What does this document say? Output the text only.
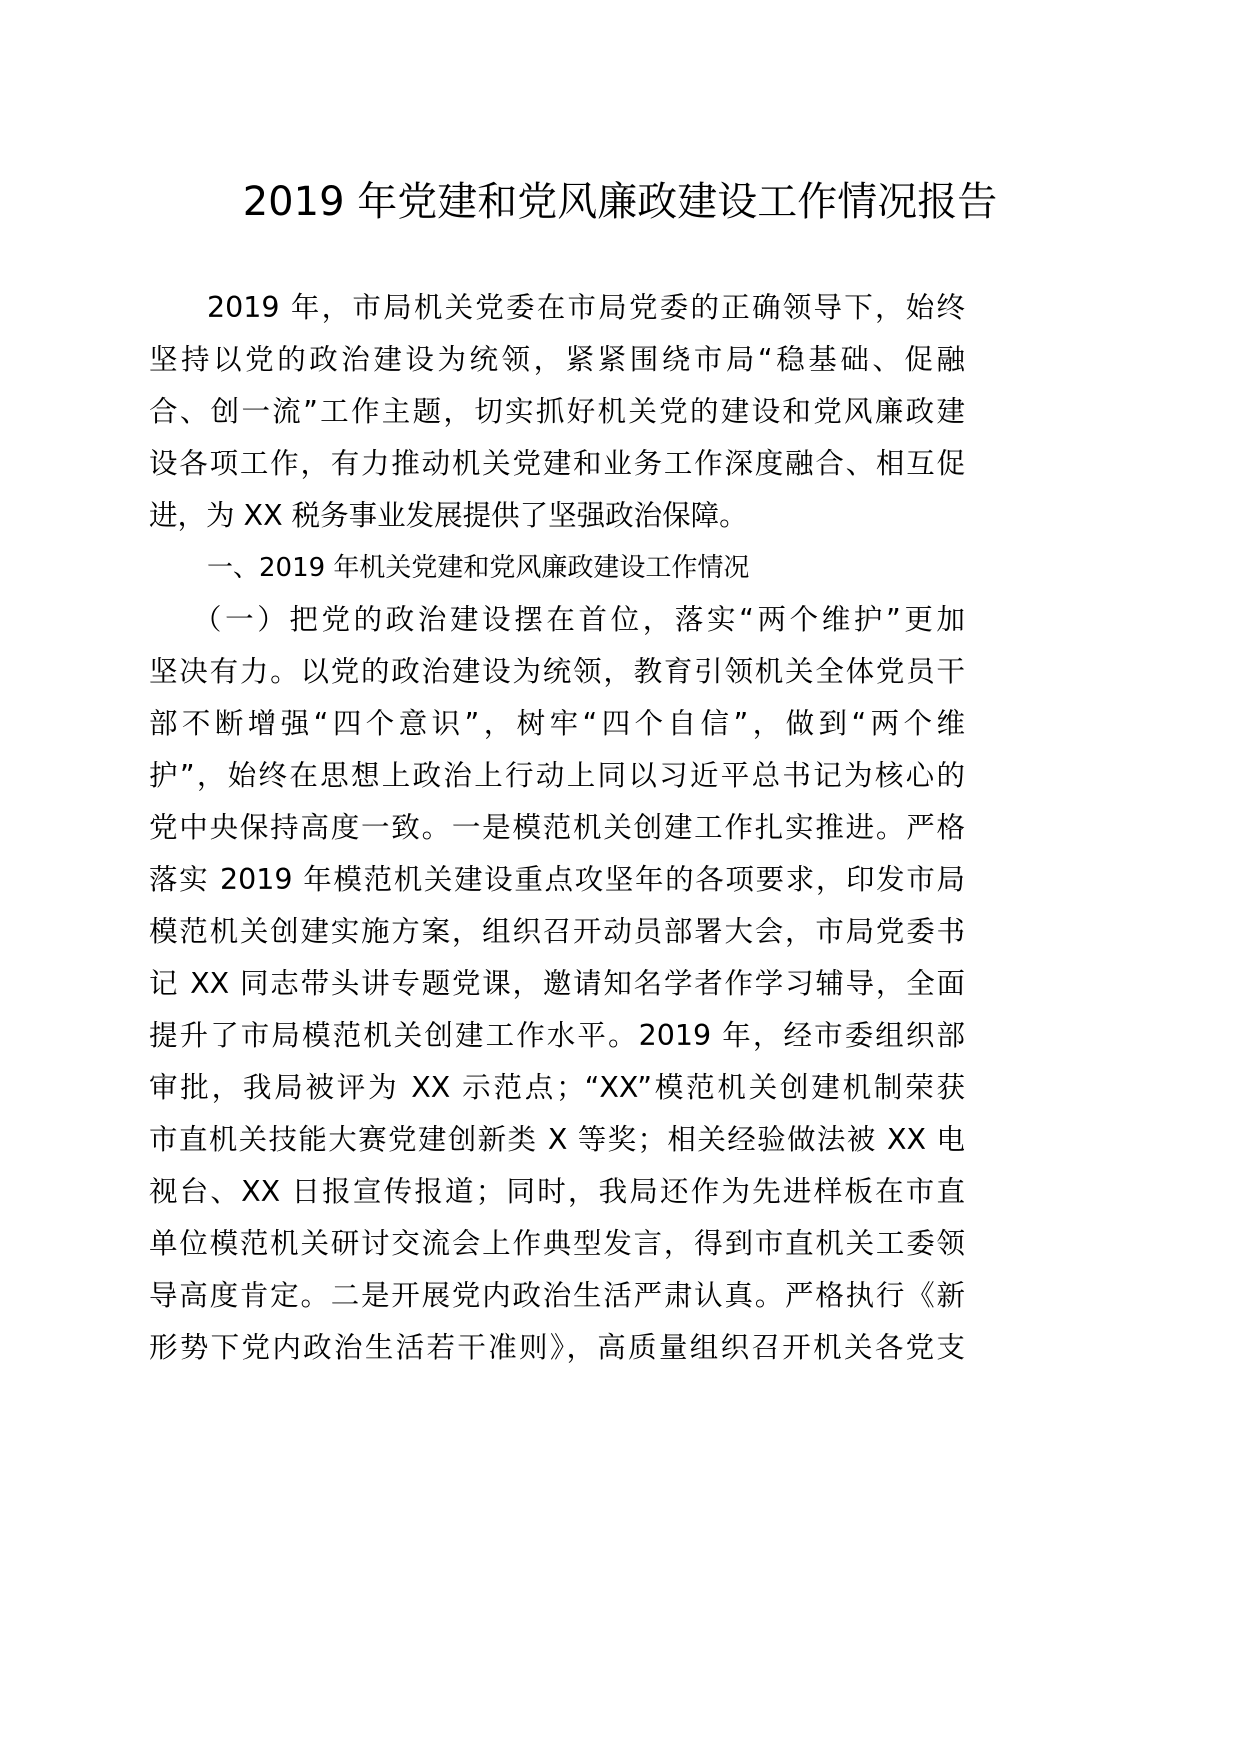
2019 年党建和党风廉政建设工作情况报告
2019 年，市局机关党委在市局党委的正确领导下，始终
坚持以党的政治建设为统领，紧紧围绕市局“稳基础、促融
合、创一流”工作主题，切实抓好机关党的建设和党风廉政建
设各项工作，有力推动机关党建和业务工作深度融合、相互促
进，为 XX 税务事业发展提供了坚强政治保障。
一、2019 年机关党建和党风廉政建设工作情况
（一）把党的政治建设摆在首位，落实“两个维护”更加
坚决有力。以党的政治建设为统领，教育引领机关全体党员干
部不断增强“四个意识”，树牢“四个自信”，做到“两个维
护”，始终在思想上政治上行动上同以习近平总书记为核心的
党中央保持高度一致。一是模范机关创建工作扎实推进。严格
落实 2019 年模范机关建设重点攻坚年的各项要求，印发市局
模范机关创建实施方案，组织召开动员部署大会，市局党委书
记 XX 同志带头讲专题党课，邀请知名学者作学习辅导，全面
提升了市局模范机关创建工作水平。2019 年，经市委组织部
审批，我局被评为 XX 示范点；“XX”模范机关创建机制荣获
市直机关技能大赛党建创新类 X 等奖；相关经验做法被 XX 电
视台、XX 日报宣传报道；同时，我局还作为先进样板在市直
单位模范机关研讨交流会上作典型发言，得到市直机关工委领
导高度肯定。二是开展党内政治生活严肃认真。严格执行《新
形势下党内政治生活若干准则》，高质量组织召开机关各党支
